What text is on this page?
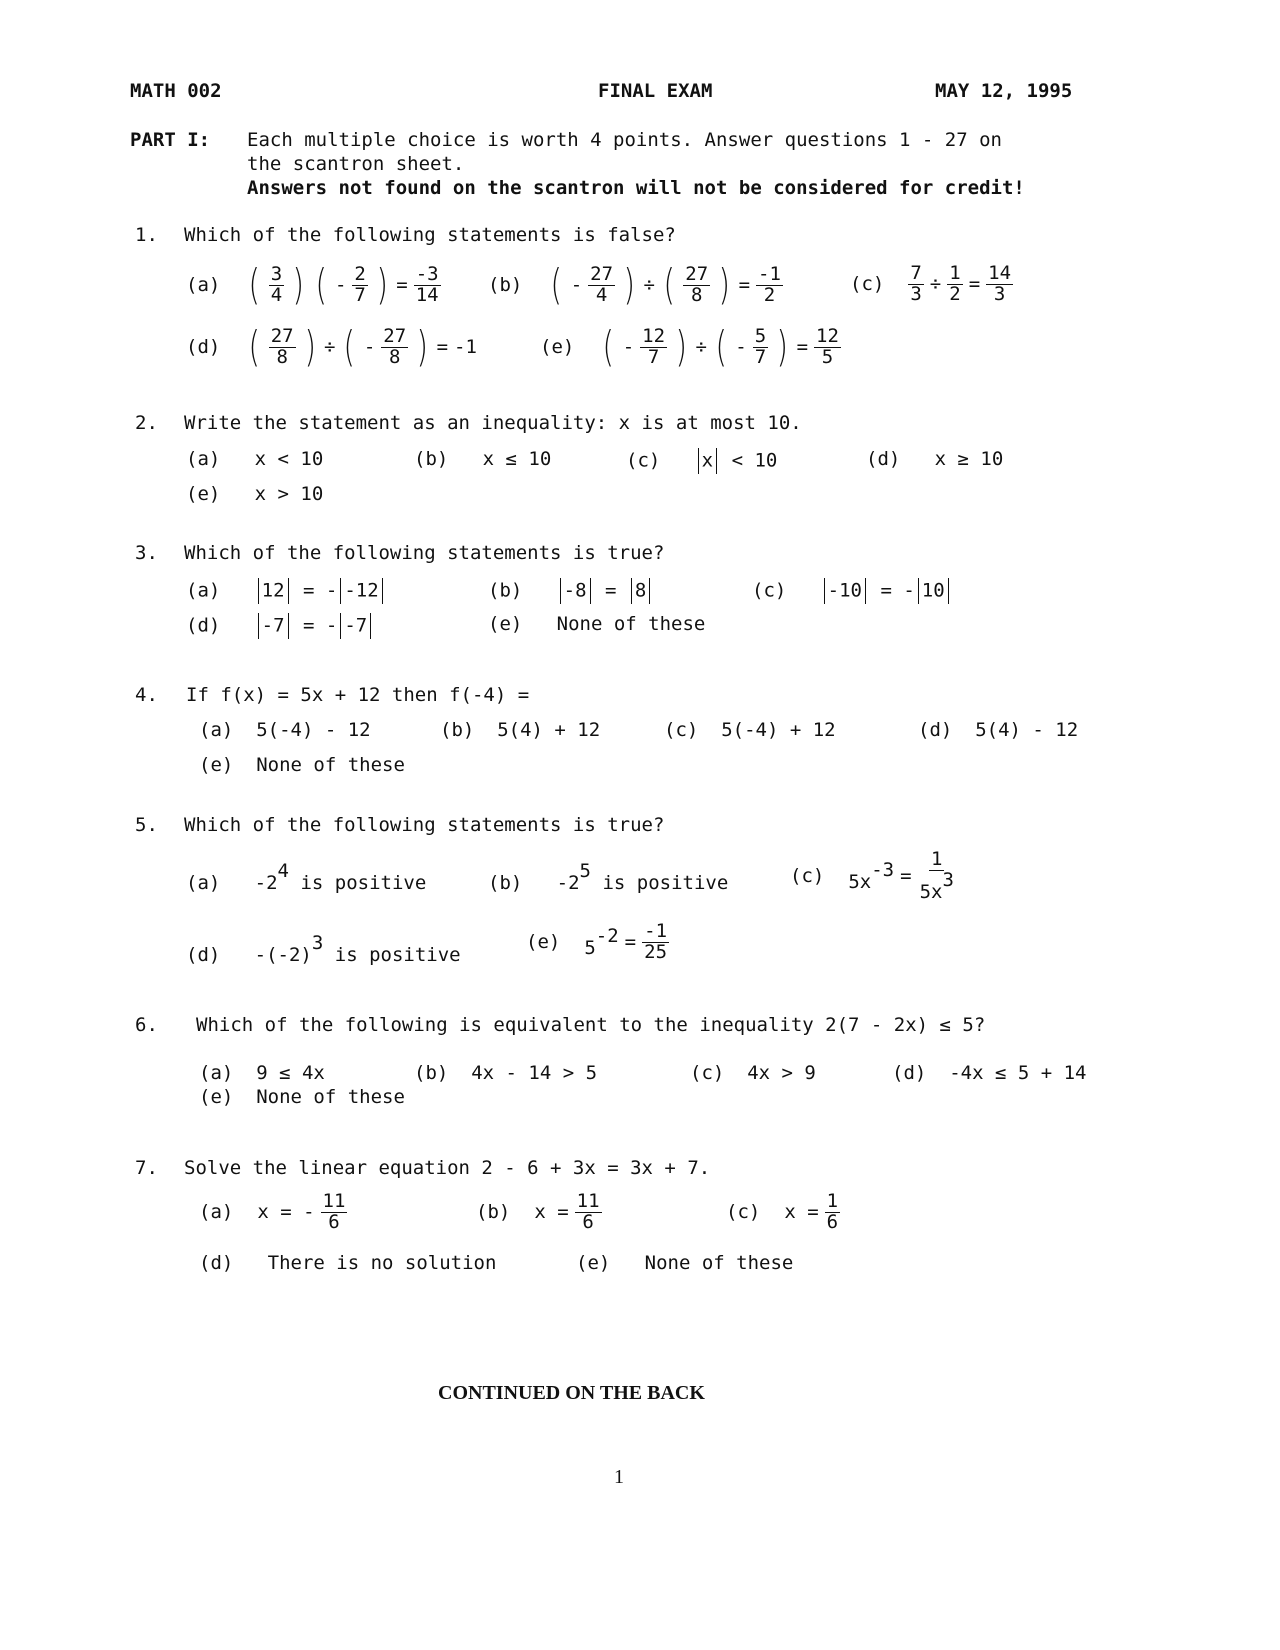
MATH 002	FINAL EXAM	MAY 12, 1995
PART I: Each multiple choice is worth 4 points. Answer questions 1 - 27 on
the scantron sheet.
Answers not found on the scantron will not be considered for credit!
1. Which of the following statements is false?
(a) ( $\frac{3}{4}$ ) ( - $\frac{2}{7}$ ) = $\frac{-3}{14} (b)$ ( - $\frac{27}{4}$ ) ÷ ( $\frac{27}{8}$ ) = $\frac{-1}{2}$	$(c) \frac{7}{3} \div \frac{1}{2} = \frac{14}{3}$
(d) ( $\frac{27}{8}$ ) ÷ ( - $\frac{27}{8}$ ) = -1	(e) ( - $\frac{12}{7}$ ) ÷ ( - $\frac{5}{7}$ ) = $\frac{12}{5}$
2. Write the statement as an inequality: x is at most 10.
(a) x < 10	(b) x ≤ 10	(c) x < 10	(d) x ≥ 10
(e) x > 10
3. Which of the following statements is true?
(a) 12 = - -12	(b) -8 = 8	(c) -10 = - 10
(d) -7 = - -7	(e) None of these
4. If f(x) = 5x + 12 then f(-4) =
(a) 5(-4) - 12	(b) 5(4) + 12	(c) 5(-4) + 12	(d) 5(4) - 12
(e) None of these
5. Which of the following statements is true?
(a) $-2^4$ is positive	(b) $-2^5$ is positive	(c) $5x^{-3} = \frac{1}{5x^3}$
(d) $-(-2)^3$ is positive
(e) $5^{-2} = \frac{-1}{25}$
6. Which of the following is equivalent to the inequality 2(7 - 2x) ≤ 5?
(a) 9 ≤ 4x	(b) 4x - 14 > 5	(c) 4x > 9	(d) -4x ≤ 5 + 14
(e) None of these
7. Solve the linear equation 2 - 6 + 3x = 3x + 7.
(a) x = - $\frac{11}{6}$	(b) $x = \frac{11}{6}$	(c) $x = \frac{1}{6}$
(d) There is no solution	(e) None of these
CONTINUED ON THE BACK
1
